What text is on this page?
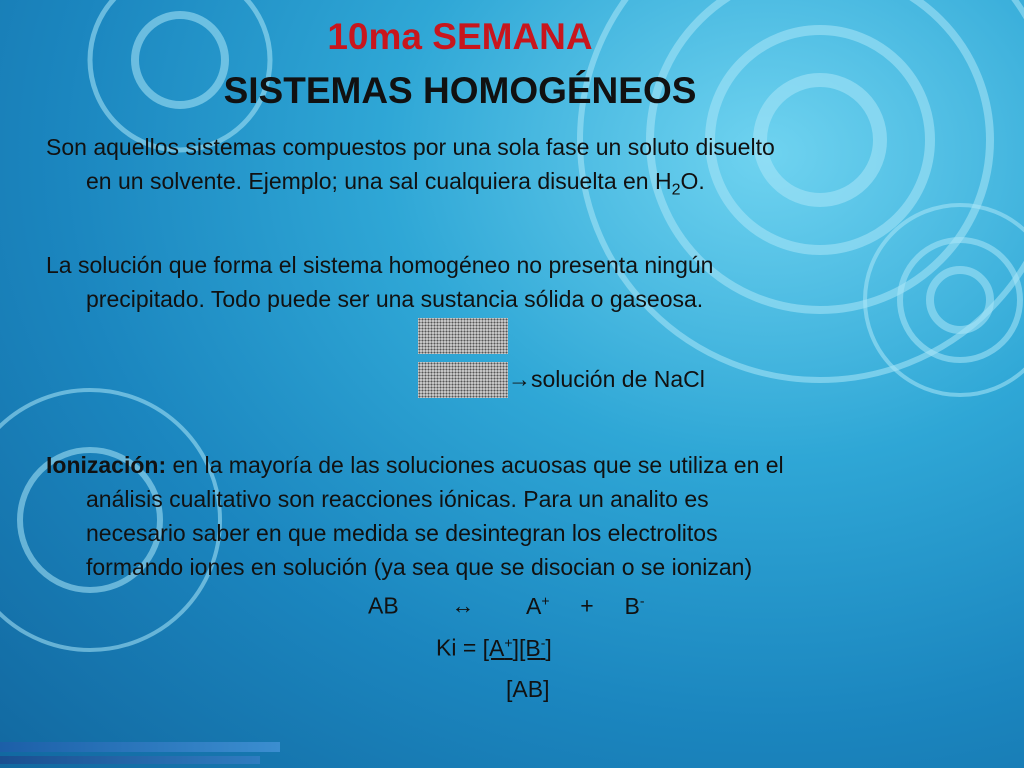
10ma SEMANA
SISTEMAS HOMOGÉNEOS
Son aquellos sistemas compuestos por una sola fase un soluto disuelto
en un solvente. Ejemplo; una sal cualquiera disuelta en $H_2O$.
La solución que forma el sistema homogéneo no presenta ningún
precipitado. Todo puede ser una sustancia sólida o gaseosa.
→solución de NaCl
Ionización: en la mayoría de las soluciones acuosas que se utiliza en el
análisis cualitativo son reacciones iónicas. Para un analito es
necesario saber en que medida se desintegran los electrolitos
formando iones en solución (ya sea que se disocian o se ionizan)
AB ↔ A+ + B-
Ki = [A+][B-]
[AB]
